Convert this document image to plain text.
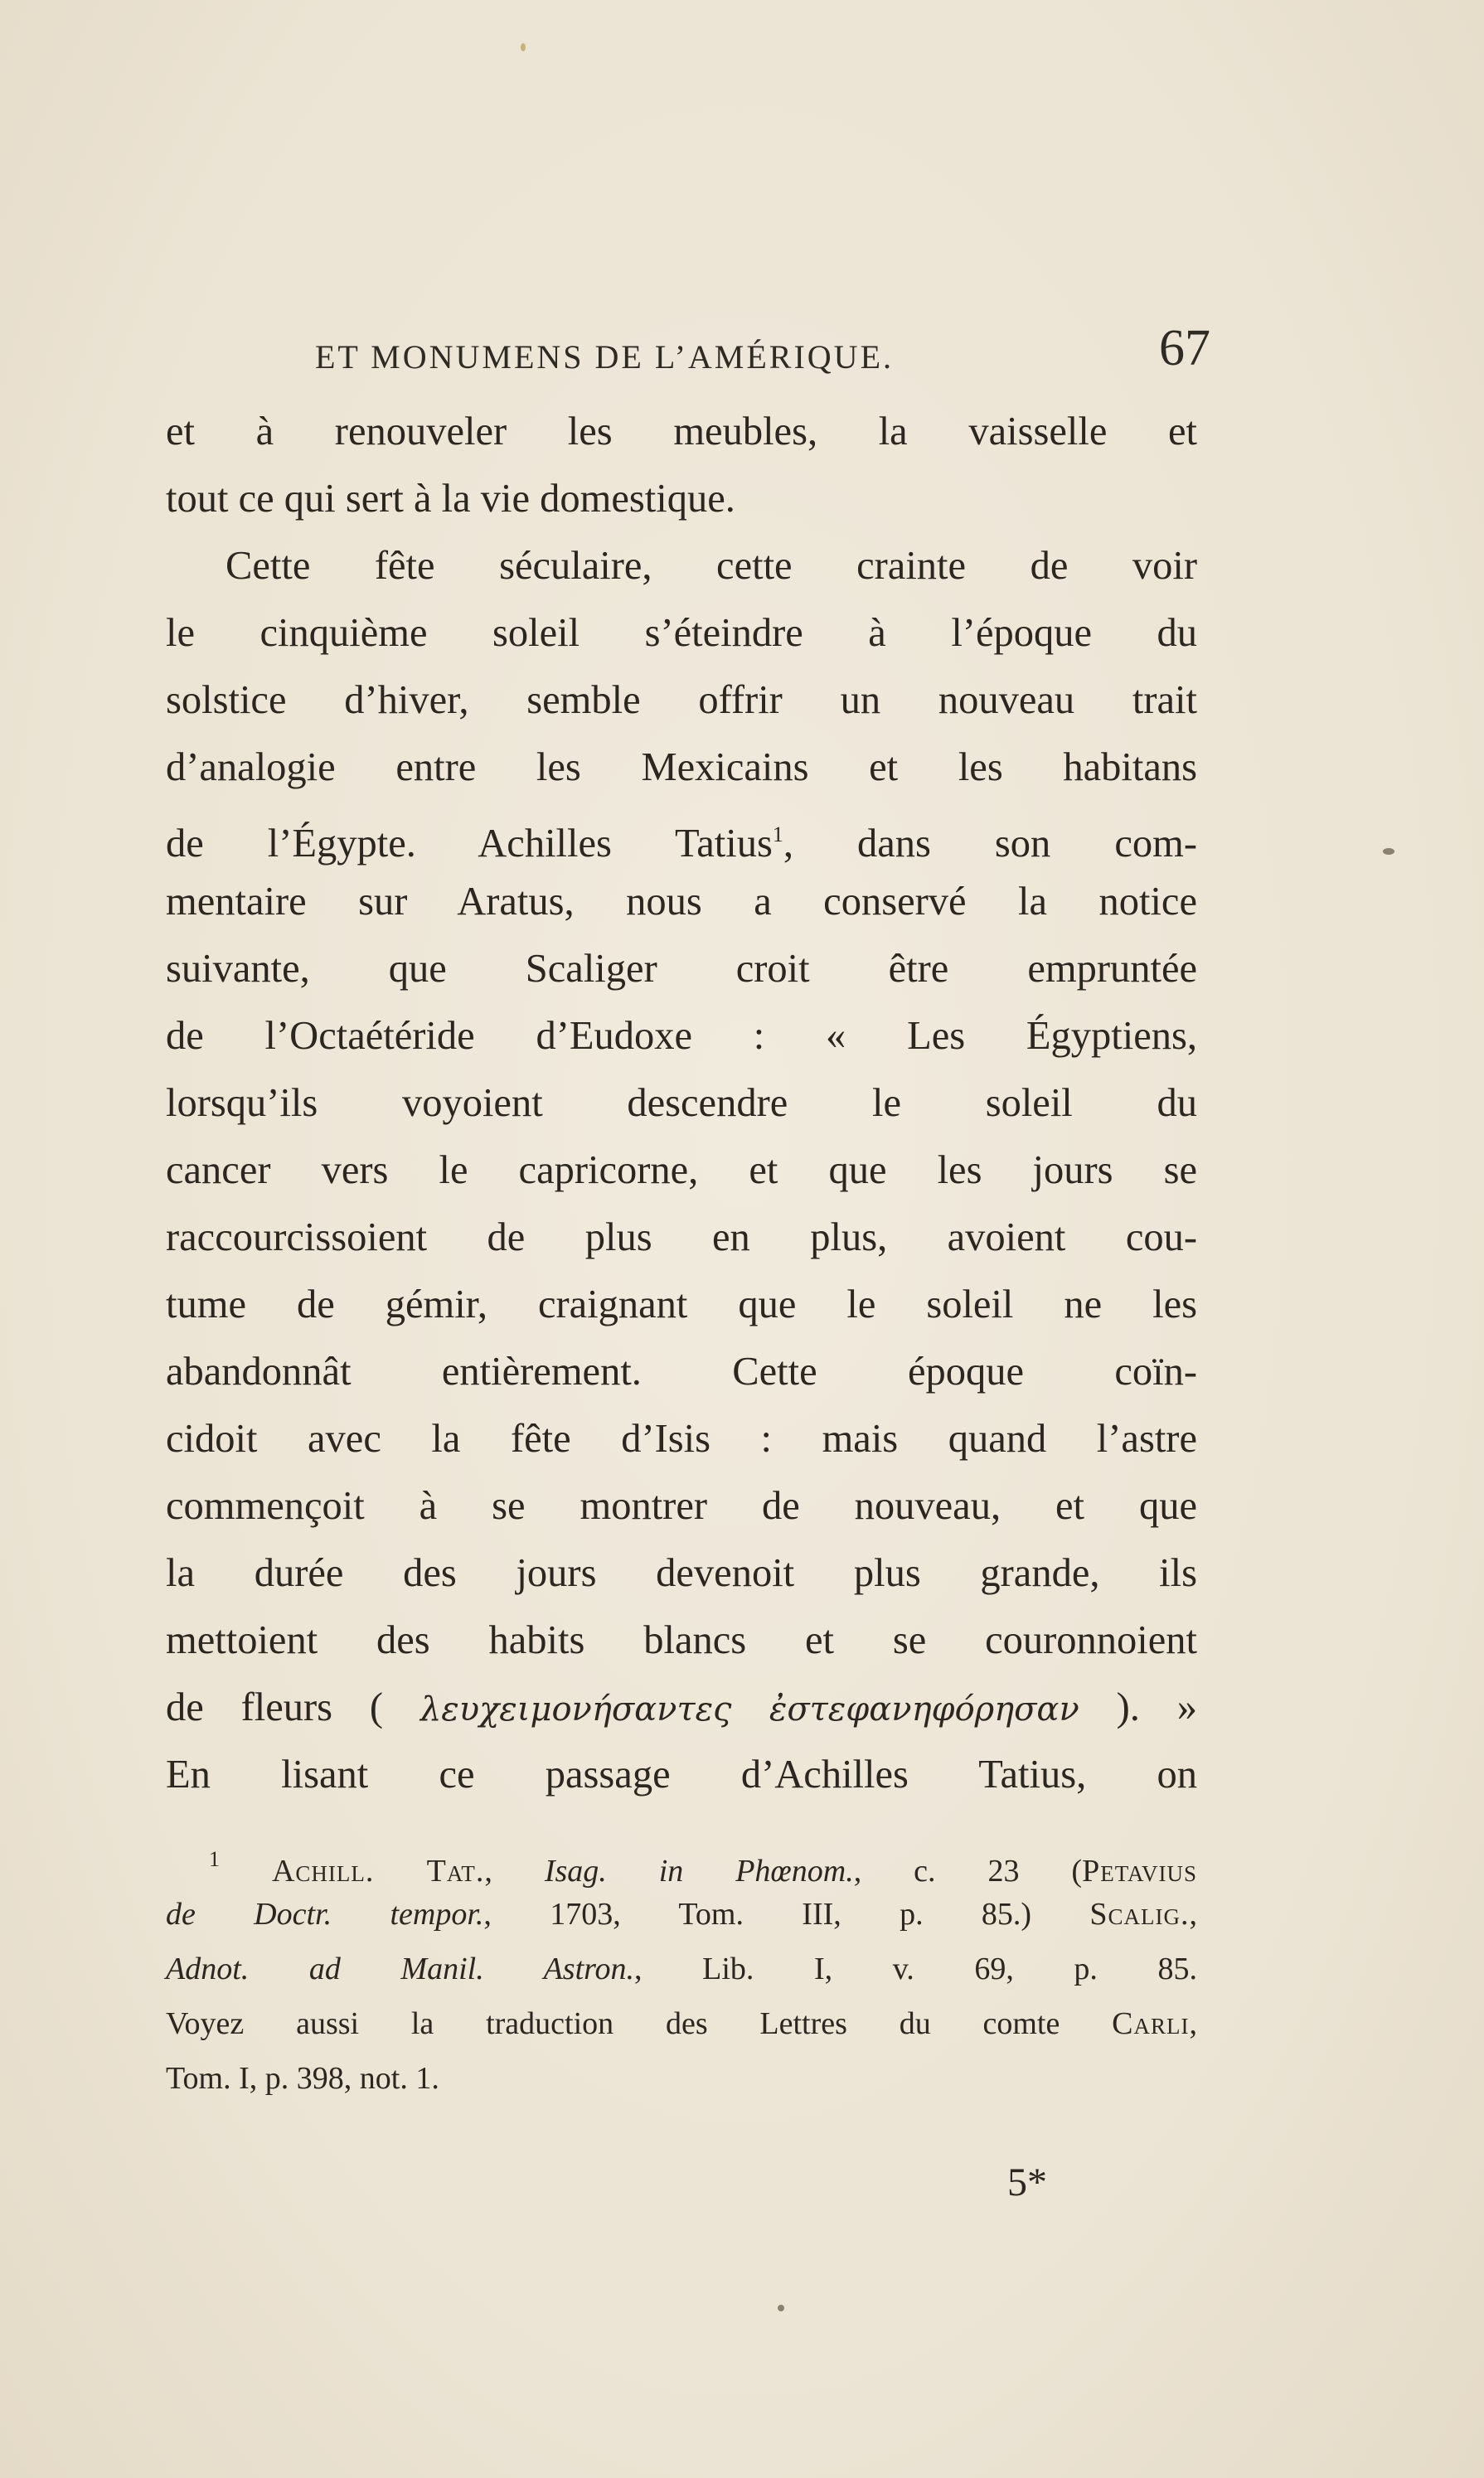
ET MONUMENS DE L’AMÉRIQUE.	67
et à renouveler les meubles, la vaisselle et
tout ce qui sert à la vie domestique.
Cette fête séculaire, cette crainte de voir
le cinquième soleil s’éteindre à l’époque du
solstice d’hiver, semble offrir un nouveau trait
d’analogie entre les Mexicains et les habitans
de l’Égypte. Achilles Tatius$^1$, dans son com-
mentaire sur Aratus, nous a conservé la notice
suivante, que Scaliger croit être empruntée
de l’Octaétéride d’Eudoxe : « Les Égyptiens,
lorsqu’ils voyoient descendre le soleil du
cancer vers le capricorne, et que les jours se
raccourcissoient de plus en plus, avoient cou-
tume de gémir, craignant que le soleil ne les
abandonnât entièrement. Cette époque coïn-
cidoit avec la fête d’Isis : mais quand l’astre
commençoit à se montrer de nouveau, et que
la durée des jours devenoit plus grande, ils
mettoient des habits blancs et se couronnoient
de fleurs ( λευχειμονήσαντες ἐστεφανηφόρησαν ). »
En lisant ce passage d’Achilles Tatius, on
$^1$ Achill. Tat., Isag. in Phœnom., c. 23 (Petavius
de Doctr. tempor., 1703, Tom. III, p. 85.) Scalig.,
Adnot. ad Manil. Astron., Lib. I, v. 69, p. 85.
Voyez aussi la traduction des Lettres du comte Carli,
Tom. I, p. 398, not. 1.
5*
